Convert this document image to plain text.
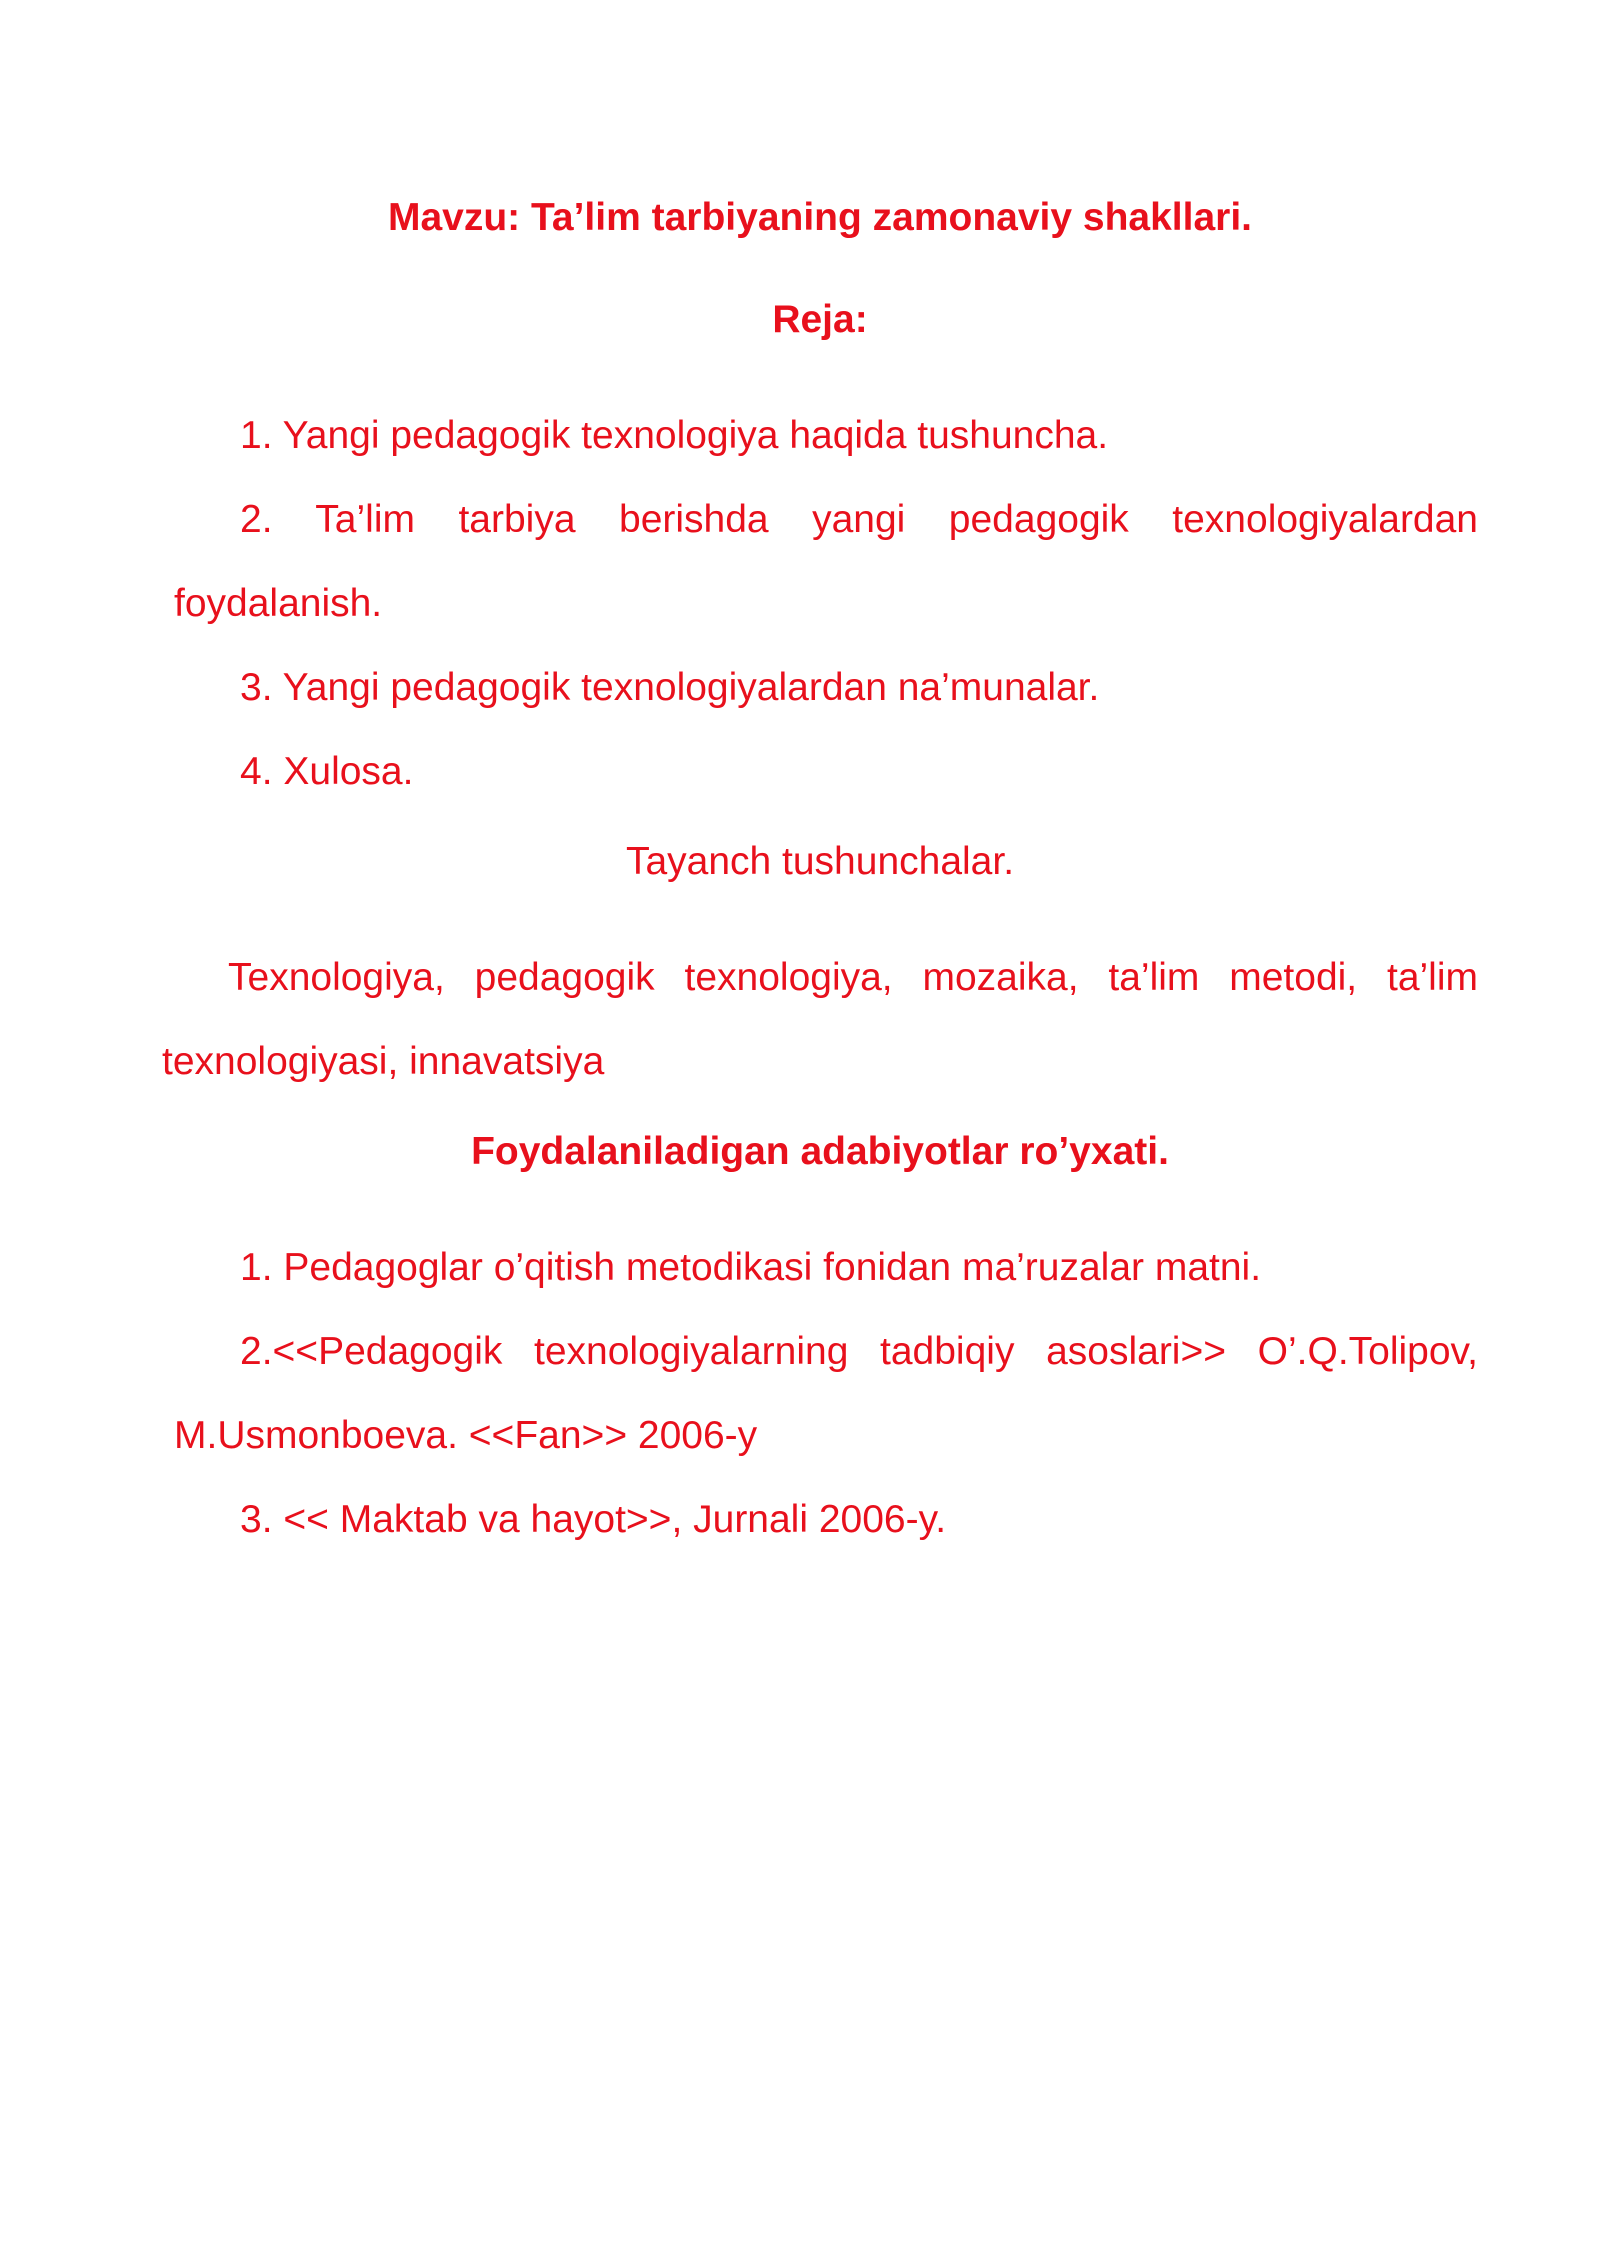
Mavzu: Ta’lim tarbiyaning zamonaviy shakllari.
Reja:

1. Yangi pedagogik texnologiya haqida tushuncha.

2. Ta’lim tarbiya berishda yangi pedagogik texnologiyalardan foydalanish.

3. Yangi pedagogik texnologiyalardan na’munalar.

4. Xulosa.

Tayanch tushunchalar.

Texnologiya, pedagogik texnologiya, mozaika, ta’lim metodi, ta’lim texnologiyasi, innavatsiya

Foydalaniladigan adabiyotlar ro’yxati.

1. Pedagoglar o’qitish metodikasi fonidan ma’ruzalar matni.

2.<<Pedagogik texnologiyalarning tadbiqiy asoslari>> O’.Q.Tolipov, M.Usmonboeva. <<Fan>> 2006-y

3. << Maktab va hayot>>, Jurnali 2006-y.
